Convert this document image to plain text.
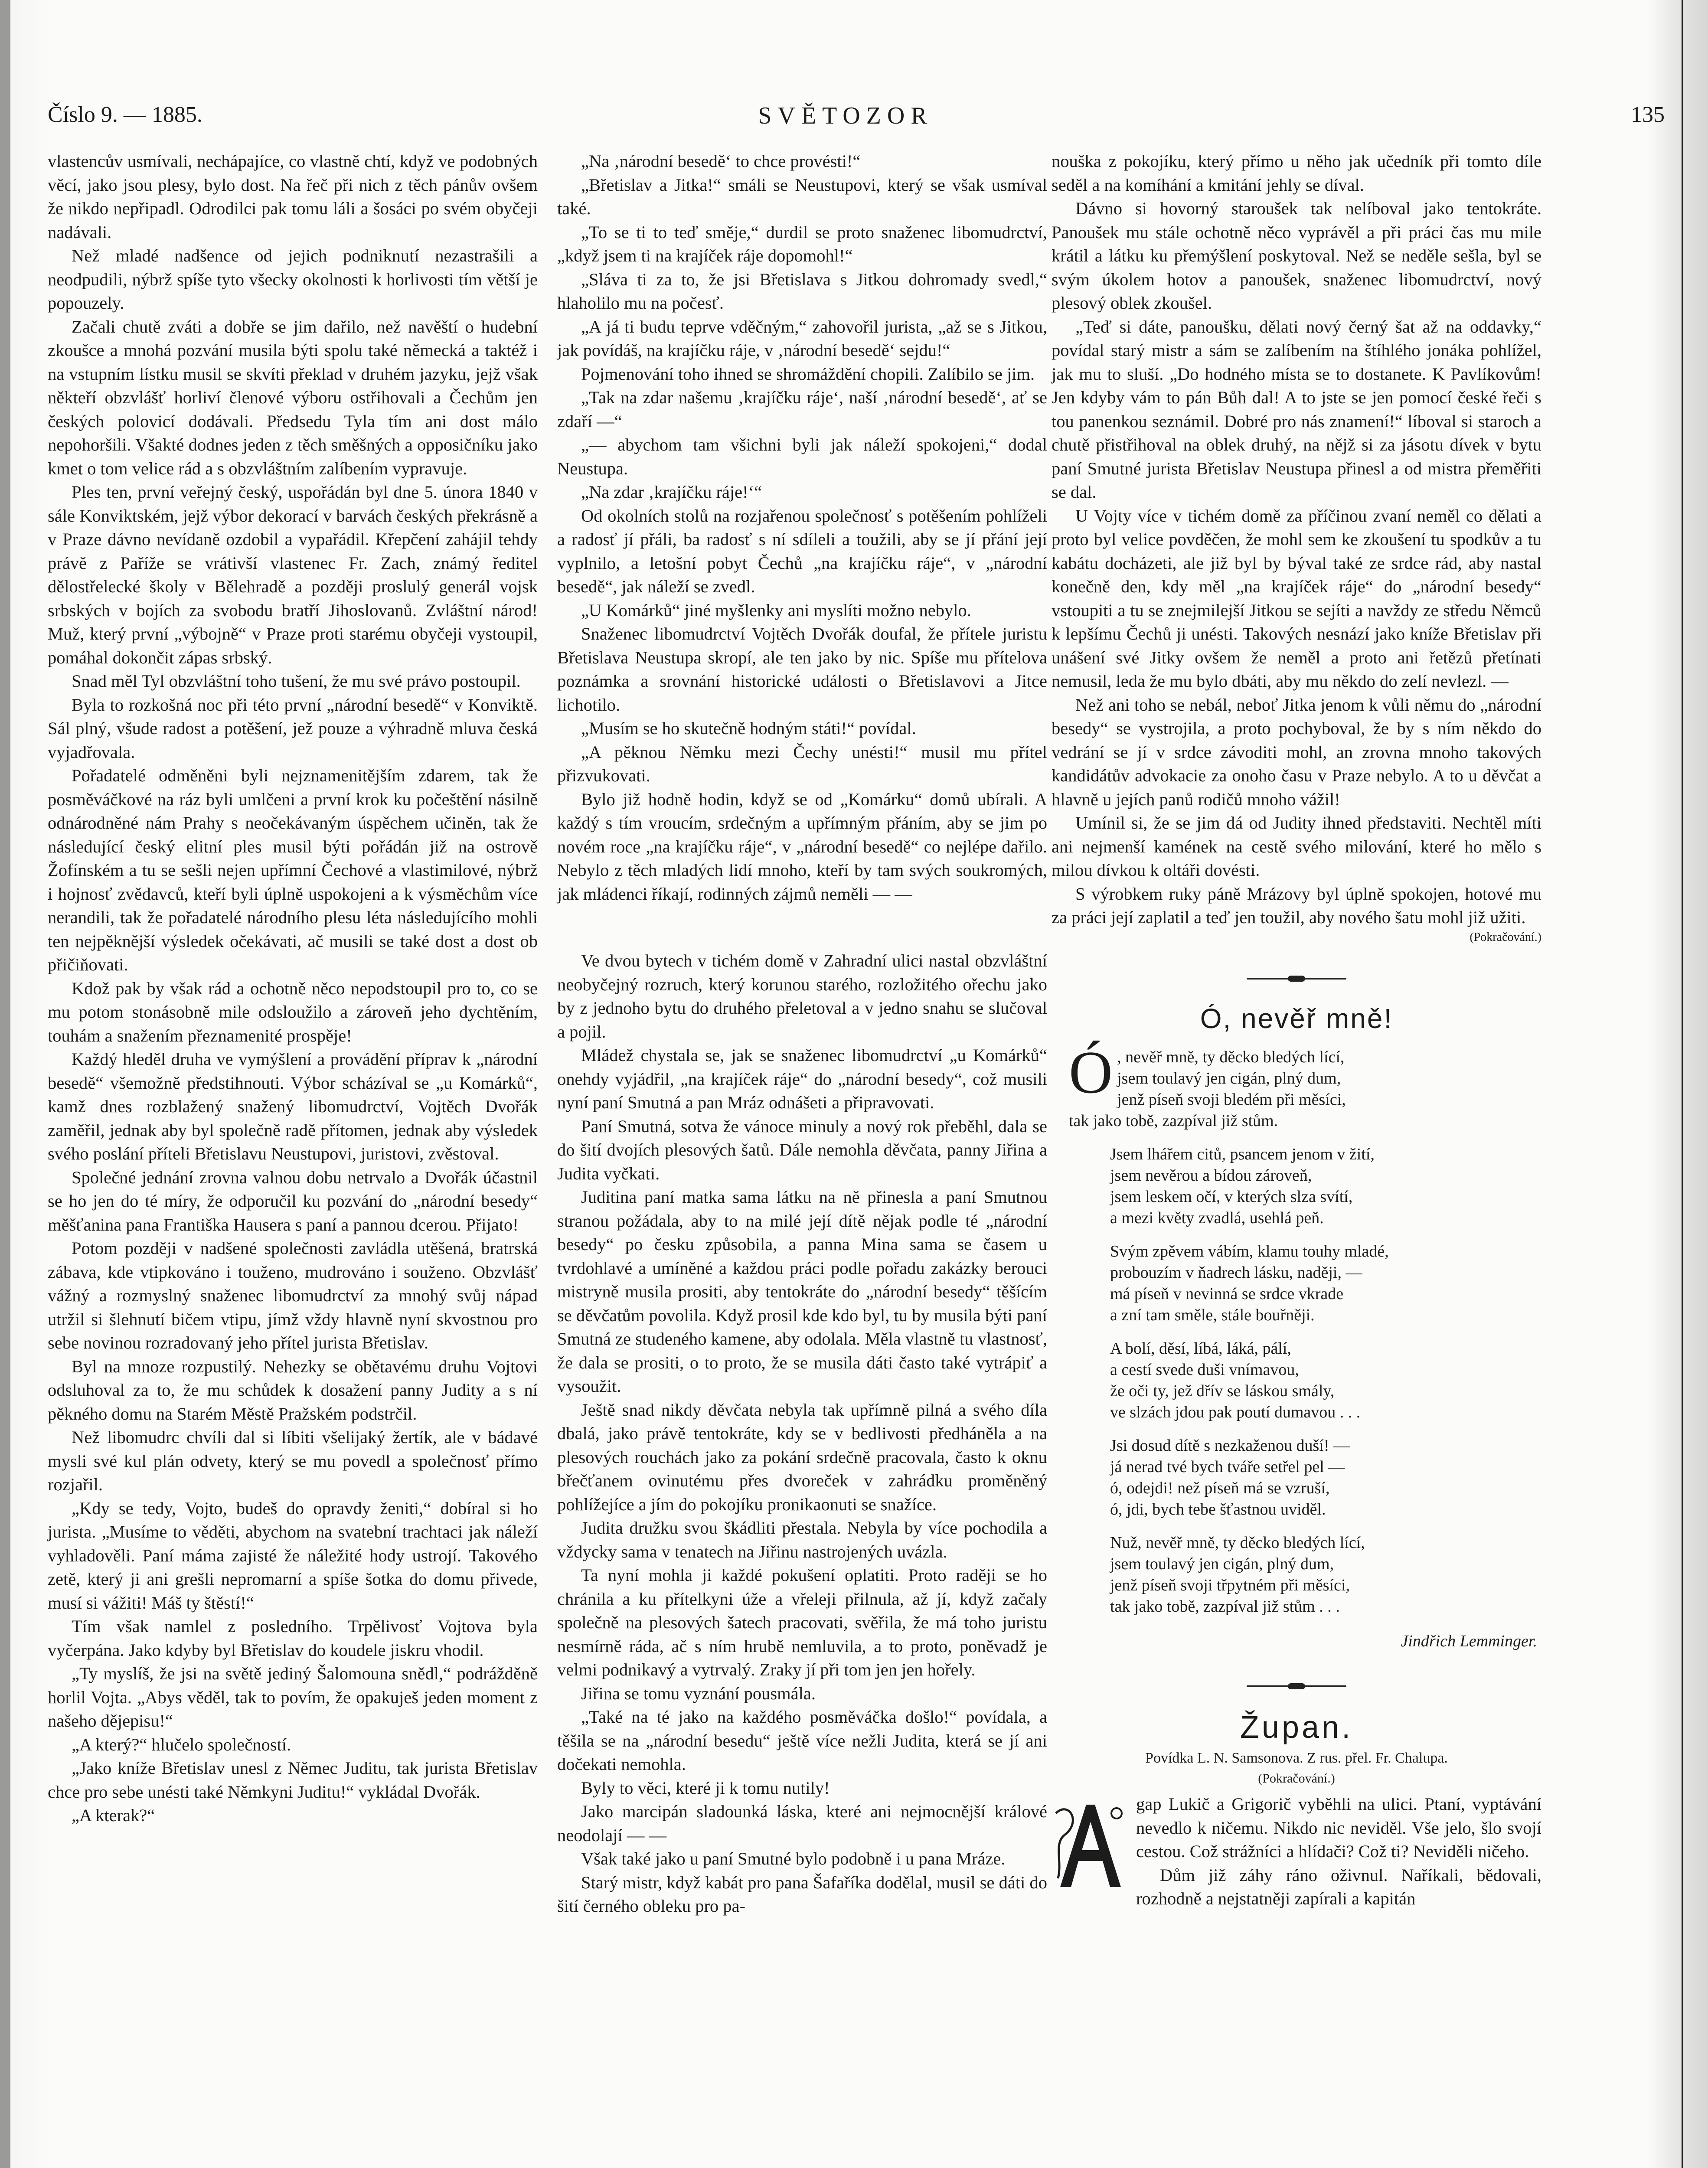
Číslo 9. — 1885.	SVĚTOZOR	135

vlastencův usmívali, nechápajíce, co vlastně chtí, když ve podobných věcí, jako jsou plesy, bylo dost. Na řeč při nich z těch pánův ovšem že nikdo nepřipadl. Odrodilci pak tomu láli a šosáci po svém obyčeji nadávali.

Než mladé nadšence od jejich podniknutí nezastrašili a neodpudili, nýbrž spíše tyto všecky okolnosti k horlivosti tím větší je popouzely.

Začali chutě zváti a dobře se jim dařilo, než navěští o hudební zkoušce a mnohá pozvání musila býti spolu také německá a taktéž i na vstupním lístku musil se skvíti překlad v druhém jazyku, jejž však někteří obzvlášť horliví členové výboru ostřihovali a Čechům jen českých polovicí dodávali. Předsedu Tyla tím ani dost málo nepohoršili. Všakté dodnes jeden z těch směšných a opposičníku jako kmet o tom velice rád a s obzvláštním zalíbením vypravuje.

Ples ten, první veřejný český, uspořádán byl dne 5. února 1840 v sále Konviktském, jejž výbor dekorací v barvách českých překrásně a v Praze dávno nevídaně ozdobil a vypařádil. Křepčení zahájil tehdy právě z Paříže se vrátivší vlastenec Fr. Zach, známý ředitel dělostřelecké školy v Bělehradě a později proslulý generál vojsk srbských v bojích za svobodu bratří Jihoslovanů. Zvláštní národ! Muž, který první „výbojně“ v Praze proti starému obyčeji vystoupil, pomáhal dokončit zápas srbský.

Snad měl Tyl obzvláštní toho tušení, že mu své právo postoupil.

Byla to rozkošná noc při této první „národní besedě“ v Konviktě. Sál plný, všude radost a potěšení, jež pouze a výhradně mluva česká vyjadřovala.

Pořadatelé odměněni byli nejznamenitějším zdarem, tak že posměváčkové na ráz byli umlčeni a první krok ku počeštění násilně odnárodněné nám Prahy s neočekávaným úspěchem učiněn, tak že následující český elitní ples musil býti pořádán již na ostrově Žofínském a tu se sešli nejen upřímní Čechové a vlastimilové, nýbrž i hojnosť zvědavců, kteří byli úplně uspokojeni a k výsměchům více nerandili, tak že pořadatelé národního plesu léta následujícího mohli ten nejpěknější výsledek očekávati, ač musili se také dost a dost ob přičiňovati.

Kdož pak by však rád a ochotně něco nepodstoupil pro to, co se mu potom stonásobně mile odsloužilo a zároveň jeho dychtěním, touhám a snažením přeznamenité prospěje!

Každý hleděl druha ve vymýšlení a provádění příprav k „národní besedě“ všemožně předstihnouti. Výbor scházíval se „u Komárků“, kamž dnes rozblažený snažený libomudrctví, Vojtěch Dvořák zaměřil, jednak aby byl společně radě přítomen, jednak aby výsledek svého poslání příteli Břetislavu Neustupovi, juristovi, zvěstoval.

Společné jednání zrovna valnou dobu netrvalo a Dvořák účastnil se ho jen do té míry, že odporučil ku pozvání do „národní besedy“ měšťanina pana Františka Hausera s paní a pannou dcerou. Přijato!

Potom později v nadšené společnosti zavládla utěšená, bratrská zábava, kde vtipkováno i touženo, mudrováno i souženo. Obzvlášť vážný a rozmyslný snaženec libomudrctví za mnohý svůj nápad utržil si šlehnutí bičem vtipu, jímž vždy hlavně nyní skvostnou pro sebe novinou rozradovaný jeho přítel jurista Břetislav.

Byl na mnoze rozpustilý. Nehezky se obětavému druhu Vojtovi odsluhoval za to, že mu schůdek k dosažení panny Judity a s ní pěkného domu na Starém Městě Pražském podstrčil.

Než libomudrc chvíli dal si líbiti všelijaký žertík, ale v bádavé mysli své kul plán odvety, který se mu povedl a společnosť přímo rozjařil.

„Kdy se tedy, Vojto, budeš do opravdy ženiti,“ dobíral si ho jurista. „Musíme to věděti, abychom na svatební trachtaci jak náleží vyhladověli. Paní máma zajisté že náležité hody ustrojí. Takového zetě, který ji ani grešli nepromarní a spíše šotka do domu přivede, musí si vážiti! Máš ty štěstí!“

Tím však namlel z posledního. Trpělivosť Vojtova byla vyčerpána. Jako kdyby byl Břetislav do koudele jiskru vhodil.

„Ty myslíš, že jsi na světě jediný Šalomouna snědl,“ podrážděně horlil Vojta. „Abys věděl, tak to povím, že opakuješ jeden moment z našeho dějepisu!“

„A který?“ hlučelo společností.

„Jako kníže Břetislav unesl z Němec Juditu, tak jurista Břetislav chce pro sebe unésti také Němkyni Juditu!“ vykládal Dvořák.

„A kterak?“

„Na ‚národní besedě‘ to chce provésti!“

„Břetislav a Jitka!“ smáli se Neustupovi, který se však usmíval také.

„To se ti to teď směje,“ durdil se proto snaženec libomudrctví, „když jsem ti na krajíček ráje dopomohl!“

„Sláva ti za to, že jsi Břetislava s Jitkou dohromady svedl,“ hlaholilo mu na počesť.

„A já ti budu teprve vděčným,“ zahovořil jurista, „až se s Jitkou, jak povídáš, na krajíčku ráje, v ‚národní besedě‘ sejdu!“

Pojmenování toho ihned se shromáždění chopili. Zalíbilo se jim.

„Tak na zdar našemu ‚krajíčku ráje‘, naší ‚národní besedě‘, ať se zdaří —“

„— abychom tam všichni byli jak náleží spokojeni,“ dodal Neustupa.

„Na zdar ‚krajíčku ráje!‘“

Od okolních stolů na rozjařenou společnosť s potěšením pohlíželi a radosť jí přáli, ba radosť s ní sdíleli a toužili, aby se jí přání její vyplnilo, a letošní pobyt Čechů „na krajíčku ráje“, v „národní besedě“, jak náleží se zvedl.

„U Komárků“ jiné myšlenky ani myslíti možno nebylo.

Snaženec libomudrctví Vojtěch Dvořák doufal, že přítele juristu Břetislava Neustupa skropí, ale ten jako by nic. Spíše mu přítelova poznámka a srovnání historické události o Břetislavovi a Jitce lichotilo.

„Musím se ho skutečně hodným státi!“ povídal.

„A pěknou Němku mezi Čechy unésti!“ musil mu přítel přizvukovati.

Bylo již hodně hodin, když se od „Komárku“ domů ubírali. A každý s tím vroucím, srdečným a upřímným přáním, aby se jim po novém roce „na krajíčku ráje“, v „národní besedě“ co nejlépe dařilo. Nebylo z těch mladých lidí mnoho, kteří by tam svých soukromých, jak mládenci říkají, rodinných zájmů neměli — —

Ve dvou bytech v tichém domě v Zahradní ulici nastal obzvláštní neobyčejný rozruch, který korunou starého, rozložitého ořechu jako by z jednoho bytu do druhého přeletoval a v jedno snahu se slučoval a pojil.

Mládež chystala se, jak se snaženec libomudrctví „u Komárků“ onehdy vyjádřil, „na krajíček ráje“ do „národní besedy“, což musili nyní paní Smutná a pan Mráz odnášeti a připravovati.

Paní Smutná, sotva že vánoce minuly a nový rok přeběhl, dala se do šití dvojích plesových šatů. Dále nemohla děvčata, panny Jiřina a Judita vyčkati.

Juditina paní matka sama látku na ně přinesla a paní Smutnou stranou požádala, aby to na milé její dítě nějak podle té „národní besedy“ po česku způsobila, a panna Mina sama se časem u tvrdohlavé a umíněné a každou práci podle pořadu zakázky berouci mistryně musila prositi, aby tentokráte do „národní besedy“ těšícím se děvčatům povolila. Když prosil kde kdo byl, tu by musila býti paní Smutná ze studeného kamene, aby odolala. Měla vlastně tu vlastnosť, že dala se prositi, o to proto, že se musila dáti často také vytrápiť a vysoužit.

Ještě snad nikdy děvčata nebyla tak upřímně pilná a svého díla dbalá, jako právě tentokráte, kdy se v bedlivosti předháněla a na plesových rouchách jako za pokání srdečně pracovala, často k oknu břečťanem ovinutému přes dvoreček v zahrádku proměněný pohlížejíce a jím do pokojíku pronikaonuti se snažíce.

Judita družku svou škádliti přestala. Nebyla by více pochodila a vždycky sama v tenatech na Jiřinu nastrojených uvázla.

Ta nyní mohla ji každé pokušení oplatiti. Proto raději se ho chránila a ku přítelkyni úže a vřeleji přilnula, až jí, když začaly společně na plesových šatech pracovati, svěřila, že má toho juristu nesmírně ráda, ač s ním hrubě nemluvila, a to proto, poněvadž je velmi podnikavý a vytrvalý. Zraky jí při tom jen jen hořely.

Jiřina se tomu vyznání pousmála.

„Také na té jako na každého posměváčka došlo!“ povídala, a těšila se na „národní besedu“ ještě více nežli Judita, která se jí ani dočekati nemohla.

Byly to věci, které ji k tomu nutily!

Jako marcipán sladounká láska, které ani nejmocnější králové neodolají — —

Však také jako u paní Smutné bylo podobně i u pana Mráze.

Starý mistr, když kabát pro pana Šafaříka dodělal, musil se dáti do šití černého obleku pro pa-

nouška z pokojíku, který přímo u něho jak učedník při tomto díle seděl a na komíhání a kmitání jehly se díval.

Dávno si hovorný staroušek tak nelíboval jako tentokráte. Panoušek mu stále ochotně něco vyprávěl a při práci čas mu mile krátil a látku ku přemýšlení poskytoval. Než se neděle sešla, byl se svým úkolem hotov a panoušek, snaženec libomudrctví, nový plesový oblek zkoušel.

„Teď si dáte, panoušku, dělati nový černý šat až na oddavky,“ povídal starý mistr a sám se zalíbením na štíhlého jonáka pohlížel, jak mu to sluší. „Do hodného místa se to dostanete. K Pavlíkovům! Jen kdyby vám to pán Bůh dal! A to jste se jen pomocí české řeči s tou panenkou seznámil. Dobré pro nás znamení!“ líboval si staroch a chutě přistřihoval na oblek druhý, na nějž si za jásotu dívek v bytu paní Smutné jurista Břetislav Neustupa přinesl a od mistra přeměřiti se dal.

U Vojty více v tichém domě za příčinou zvaní neměl co dělati a proto byl velice povděčen, že mohl sem ke zkoušení tu spodkův a tu kabátu docházeti, ale již byl by býval také ze srdce rád, aby nastal konečně den, kdy měl „na krajíček ráje“ do „národní besedy“ vstoupiti a tu se znejmilejší Jitkou se sejíti a navždy ze středu Němců k lepšímu Čechů ji unésti. Takových nesnází jako kníže Břetislav při unášení své Jitky ovšem že neměl a proto ani řetězů přetínati nemusil, leda že mu bylo dbáti, aby mu někdo do zelí nevlezl. —

Než ani toho se nebál, neboť Jitka jenom k vůli němu do „národní besedy“ se vystrojila, a proto pochyboval, že by s ním někdo do vedrání se jí v srdce závoditi mohl, an zrovna mnoho takových kandidátův advokacie za onoho času v Praze nebylo. A to u děvčat a hlavně u jejích panů rodičů mnoho vážil!

Umínil si, že se jim dá od Judity ihned představiti. Nechtěl míti ani nejmenší kamének na cestě svého milování, které ho mělo s milou dívkou k oltáři dovésti.

S výrobkem ruky páně Mrázovy byl úplně spokojen, hotové mu za práci její zaplatil a teď jen toužil, aby nového šatu mohl již užiti.

(Pokračování.)
Ó, nevěř mně!
Ó , nevěř mně, ty děcko bledých lící,
jsem toulavý jen cigán, plný dum,
jenž píseň svoji bledém při měsíci,
tak jako tobě, zazpíval již stům.
Jsem lhářem citů, psancem jenom v žití,
jsem nevěrou a bídou zároveň,
jsem leskem očí, v kterých slza svítí,
a mezi květy zvadlá, usehlá peň.
Svým zpěvem vábím, klamu touhy mladé,
probouzím v ňadrech lásku, naději, —
má píseň v nevinná se srdce vkrade
a zní tam směle, stále bouřněji.
A bolí, děsí, líbá, láká, pálí,
a cestí svede duši vnímavou,
že oči ty, jež dřív se láskou smály,
ve slzách jdou pak poutí dumavou . . .
Jsi dosud dítě s nezkaženou duší! —
já nerad tvé bych tváře setřel pel —
ó, odejdi! než píseň má se vzruší,
ó, jdi, bych tebe šťastnou uviděl.
Nuž, nevěř mně, ty děcko bledých lící,
jsem toulavý jen cigán, plný dum,
jenž píseň svoji třpytném při měsíci,
tak jako tobě, zazpíval již stům . . .
Jindřich Lemminger.
Župan.
Povídka L. N. Samsonova. Z rus. přel. Fr. Chalupa.
(Pokračování.)

gap Lukič a Grigorič vyběhli na ulici. Ptaní, vyptávání nevedlo k ničemu. Nikdo nic neviděl. Vše jelo, šlo svojí cestou. Což strážníci a hlídači? Což ti? Neviděli ničeho.

Dům již záhy ráno oživnul. Naříkali, bědovali, rozhodně a nejstatněji zapírali a kapitán
